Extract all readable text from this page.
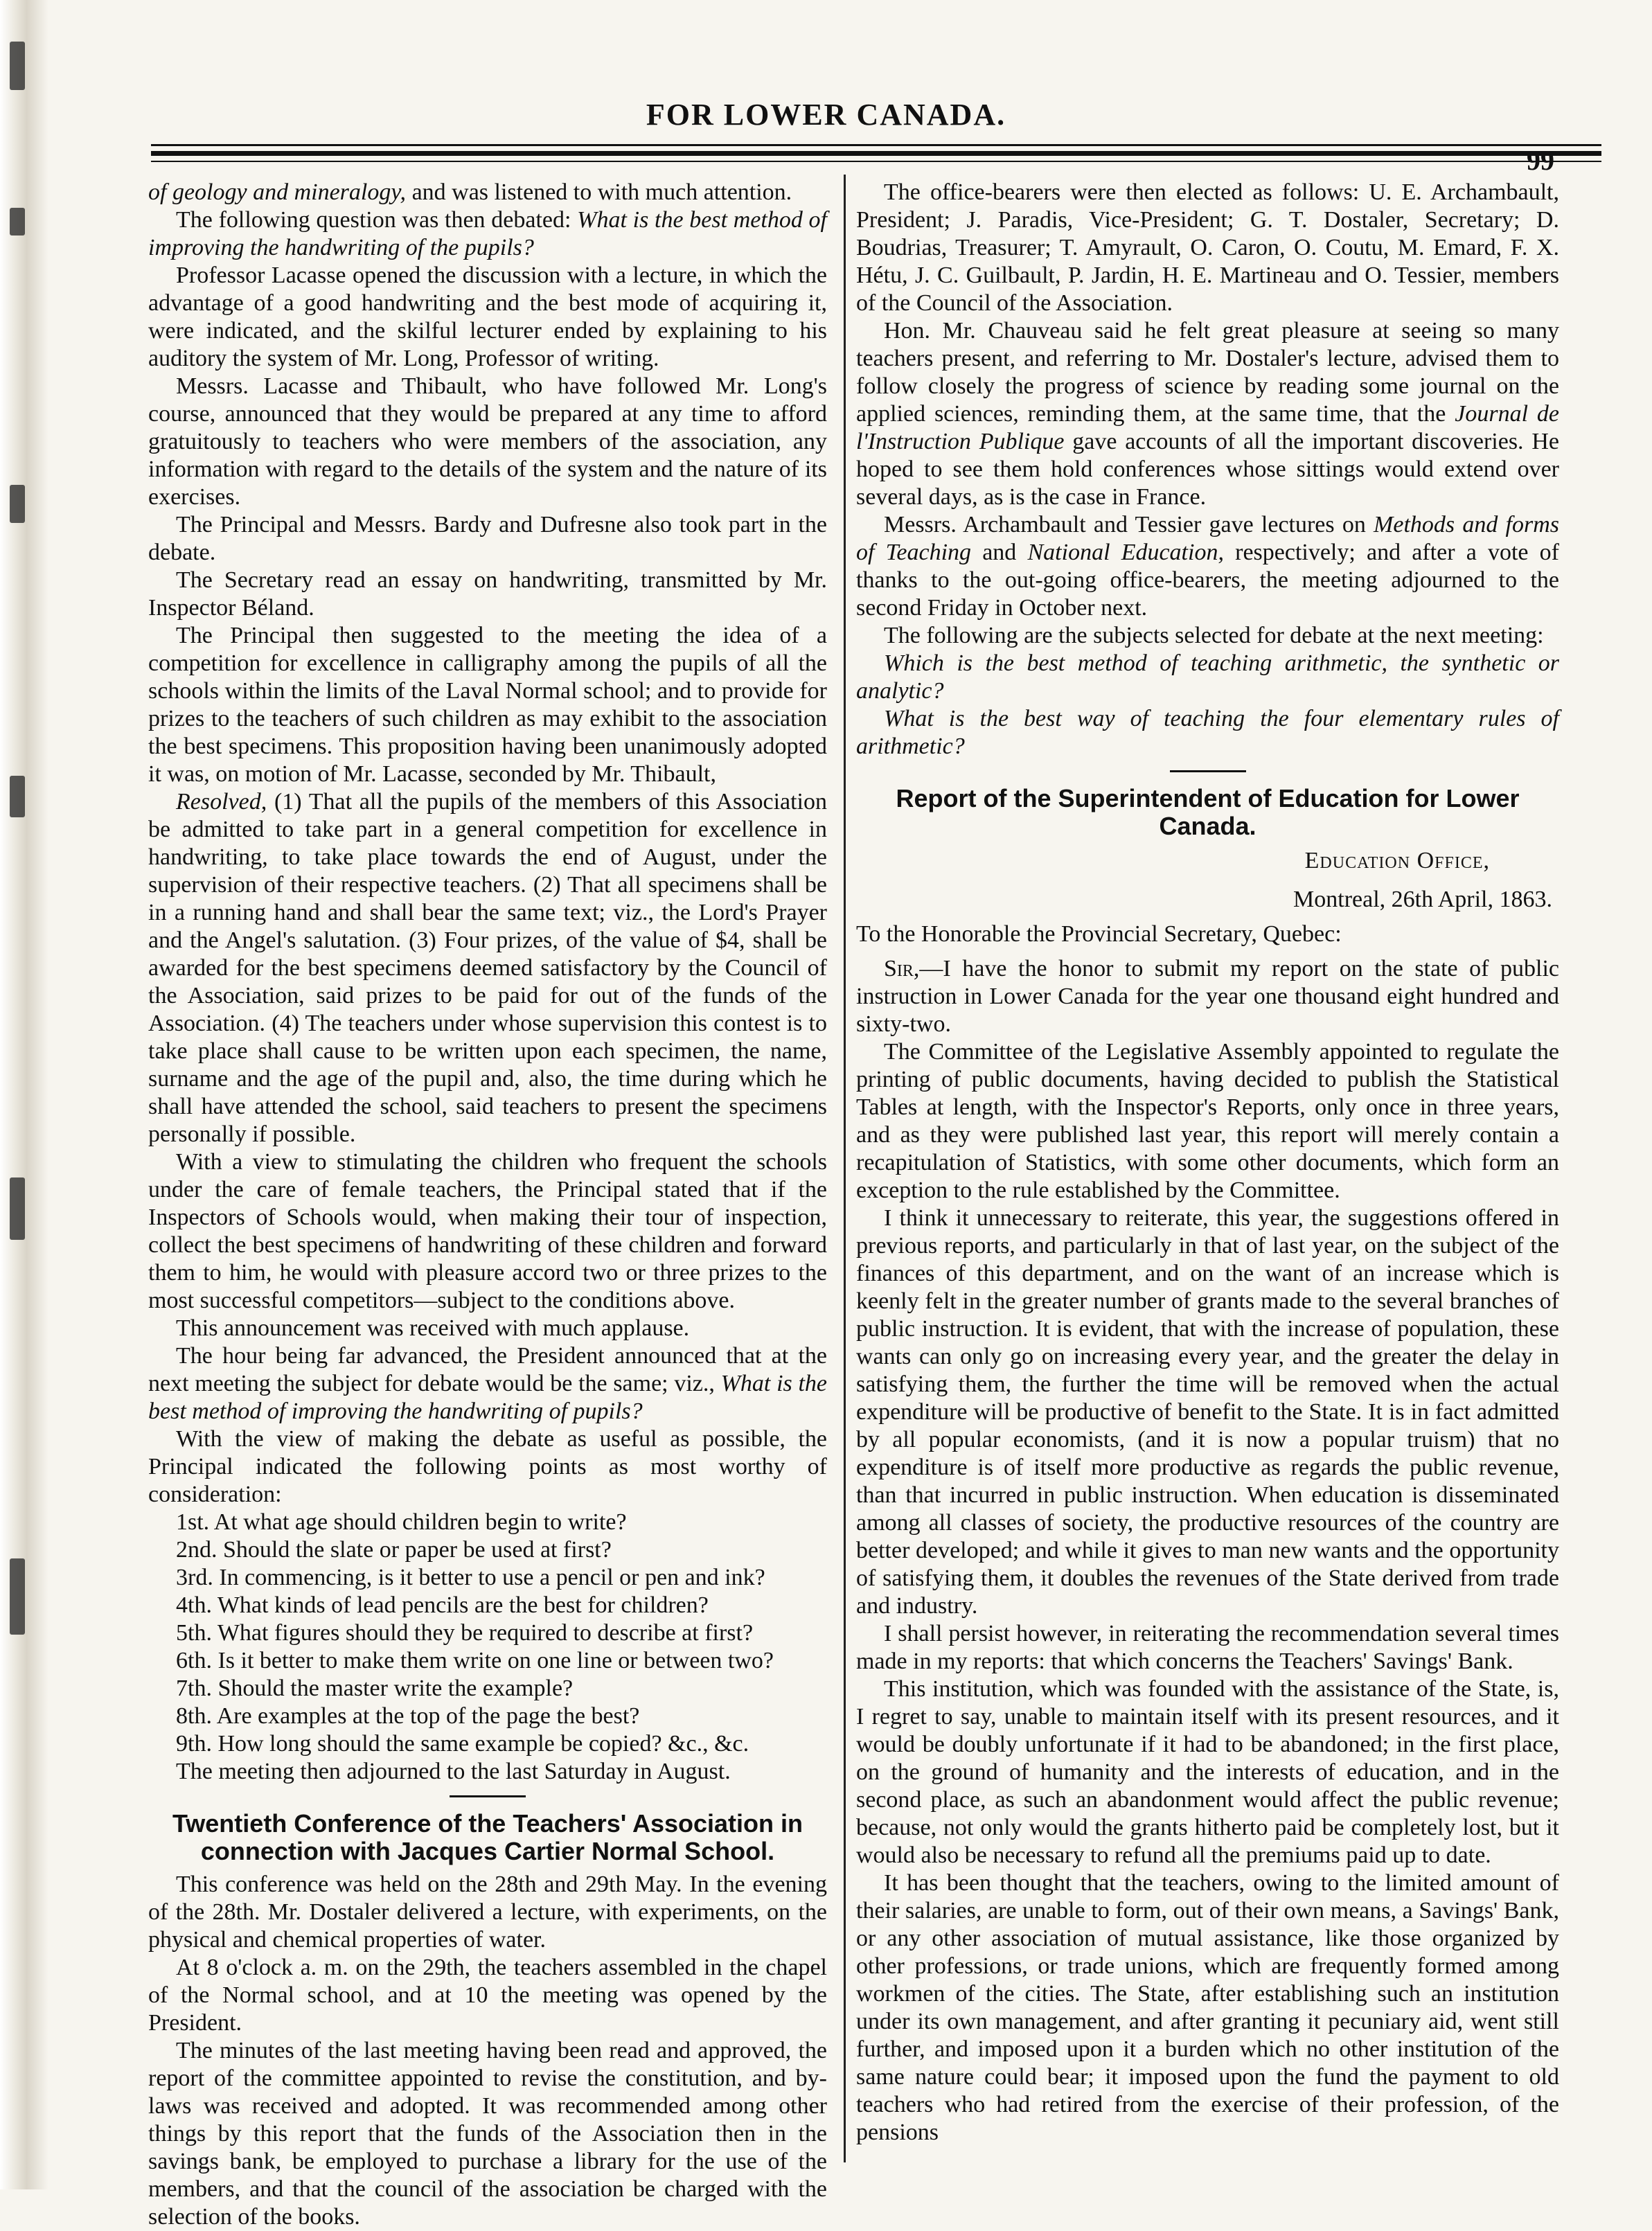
FOR LOWER CANADA.
99

of geology and mineralogy, and was listened to with much attention.

The following question was then debated: What is the best method of improving the handwriting of the pupils?

Professor Lacasse opened the discussion with a lecture, in which the advantage of a good handwriting and the best mode of acquiring it, were indicated, and the skilful lecturer ended by explaining to his auditory the system of Mr. Long, Professor of writing.

Messrs. Lacasse and Thibault, who have followed Mr. Long's course, announced that they would be prepared at any time to afford gratuitously to teachers who were members of the association, any information with regard to the details of the system and the nature of its exercises.

The Principal and Messrs. Bardy and Dufresne also took part in the debate.

The Secretary read an essay on handwriting, transmitted by Mr. Inspector Béland.

The Principal then suggested to the meeting the idea of a competition for excellence in calligraphy among the pupils of all the schools within the limits of the Laval Normal school; and to provide for prizes to the teachers of such children as may exhibit to the association the best specimens. This proposition having been unanimously adopted it was, on motion of Mr. Lacasse, seconded by Mr. Thibault,

Resolved, (1) That all the pupils of the members of this Association be admitted to take part in a general competition for excellence in handwriting, to take place towards the end of August, under the supervision of their respective teachers. (2) That all specimens shall be in a running hand and shall bear the same text; viz., the Lord's Prayer and the Angel's salutation. (3) Four prizes, of the value of $4, shall be awarded for the best specimens deemed satisfactory by the Council of the Association, said prizes to be paid for out of the funds of the Association. (4) The teachers under whose supervision this contest is to take place shall cause to be written upon each specimen, the name, surname and the age of the pupil and, also, the time during which he shall have attended the school, said teachers to present the specimens personally if possible.

With a view to stimulating the children who frequent the schools under the care of female teachers, the Principal stated that if the Inspectors of Schools would, when making their tour of inspection, collect the best specimens of handwriting of these children and forward them to him, he would with pleasure accord two or three prizes to the most successful competitors—subject to the conditions above.

This announcement was received with much applause.

The hour being far advanced, the President announced that at the next meeting the subject for debate would be the same; viz., What is the best method of improving the handwriting of pupils?

With the view of making the debate as useful as possible, the Principal indicated the following points as most worthy of consideration:

1st. At what age should children begin to write?

2nd. Should the slate or paper be used at first?

3rd. In commencing, is it better to use a pencil or pen and ink?

4th. What kinds of lead pencils are the best for children?

5th. What figures should they be required to describe at first?

6th. Is it better to make them write on one line or between two?

7th. Should the master write the example?

8th. Are examples at the top of the page the best?

9th. How long should the same example be copied? &c., &c.

The meeting then adjourned to the last Saturday in August.

Twentieth Conference of the Teachers' Association in connection with Jacques Cartier Normal School.

This conference was held on the 28th and 29th May. In the evening of the 28th. Mr. Dostaler delivered a lecture, with experiments, on the physical and chemical properties of water.

At 8 o'clock a. m. on the 29th, the teachers assembled in the chapel of the Normal school, and at 10 the meeting was opened by the President.

The minutes of the last meeting having been read and approved, the report of the committee appointed to revise the constitution, and by-laws was received and adopted. It was recommended among other things by this report that the funds of the Association then in the savings bank, be employed to purchase a library for the use of the members, and that the council of the association be charged with the selection of the books.

The office-bearers were then elected as follows: U. E. Archambault, President; J. Paradis, Vice-President; G. T. Dostaler, Secretary; D. Boudrias, Treasurer; T. Amyrault, O. Caron, O. Coutu, M. Emard, F. X. Hétu, J. C. Guilbault, P. Jardin, H. E. Martineau and O. Tessier, members of the Council of the Association.

Hon. Mr. Chauveau said he felt great pleasure at seeing so many teachers present, and referring to Mr. Dostaler's lecture, advised them to follow closely the progress of science by reading some journal on the applied sciences, reminding them, at the same time, that the Journal de l'Instruction Publique gave accounts of all the important discoveries. He hoped to see them hold conferences whose sittings would extend over several days, as is the case in France.

Messrs. Archambault and Tessier gave lectures on Methods and forms of Teaching and National Education, respectively; and after a vote of thanks to the out-going office-bearers, the meeting adjourned to the second Friday in October next.

The following are the subjects selected for debate at the next meeting:

Which is the best method of teaching arithmetic, the synthetic or analytic?

What is the best way of teaching the four elementary rules of arithmetic?

Report of the Superintendent of Education for Lower Canada.
Education Office,
Montreal, 26th April, 1863.

To the Honorable the Provincial Secretary, Quebec:

Sir,—I have the honor to submit my report on the state of public instruction in Lower Canada for the year one thousand eight hundred and sixty-two.

The Committee of the Legislative Assembly appointed to regulate the printing of public documents, having decided to publish the Statistical Tables at length, with the Inspector's Reports, only once in three years, and as they were published last year, this report will merely contain a recapitulation of Statistics, with some other documents, which form an exception to the rule established by the Committee.

I think it unnecessary to reiterate, this year, the suggestions offered in previous reports, and particularly in that of last year, on the subject of the finances of this department, and on the want of an increase which is keenly felt in the greater number of grants made to the several branches of public instruction. It is evident, that with the increase of population, these wants can only go on increasing every year, and the greater the delay in satisfying them, the further the time will be removed when the actual expenditure will be productive of benefit to the State. It is in fact admitted by all popular economists, (and it is now a popular truism) that no expenditure is of itself more productive as regards the public revenue, than that incurred in public instruction. When education is disseminated among all classes of society, the productive resources of the country are better developed; and while it gives to man new wants and the opportunity of satisfying them, it doubles the revenues of the State derived from trade and industry.

I shall persist however, in reiterating the recommendation several times made in my reports: that which concerns the Teachers' Savings' Bank.

This institution, which was founded with the assistance of the State, is, I regret to say, unable to maintain itself with its present resources, and it would be doubly unfortunate if it had to be abandoned; in the first place, on the ground of humanity and the interests of education, and in the second place, as such an abandonment would affect the public revenue; because, not only would the grants hitherto paid be completely lost, but it would also be necessary to refund all the premiums paid up to date.

It has been thought that the teachers, owing to the limited amount of their salaries, are unable to form, out of their own means, a Savings' Bank, or any other association of mutual assistance, like those organized by other professions, or trade unions, which are frequently formed among workmen of the cities. The State, after establishing such an institution under its own management, and after granting it pecuniary aid, went still further, and imposed upon it a burden which no other institution of the same nature could bear; it imposed upon the fund the payment to old teachers who had retired from the exercise of their profession, of the pensions
